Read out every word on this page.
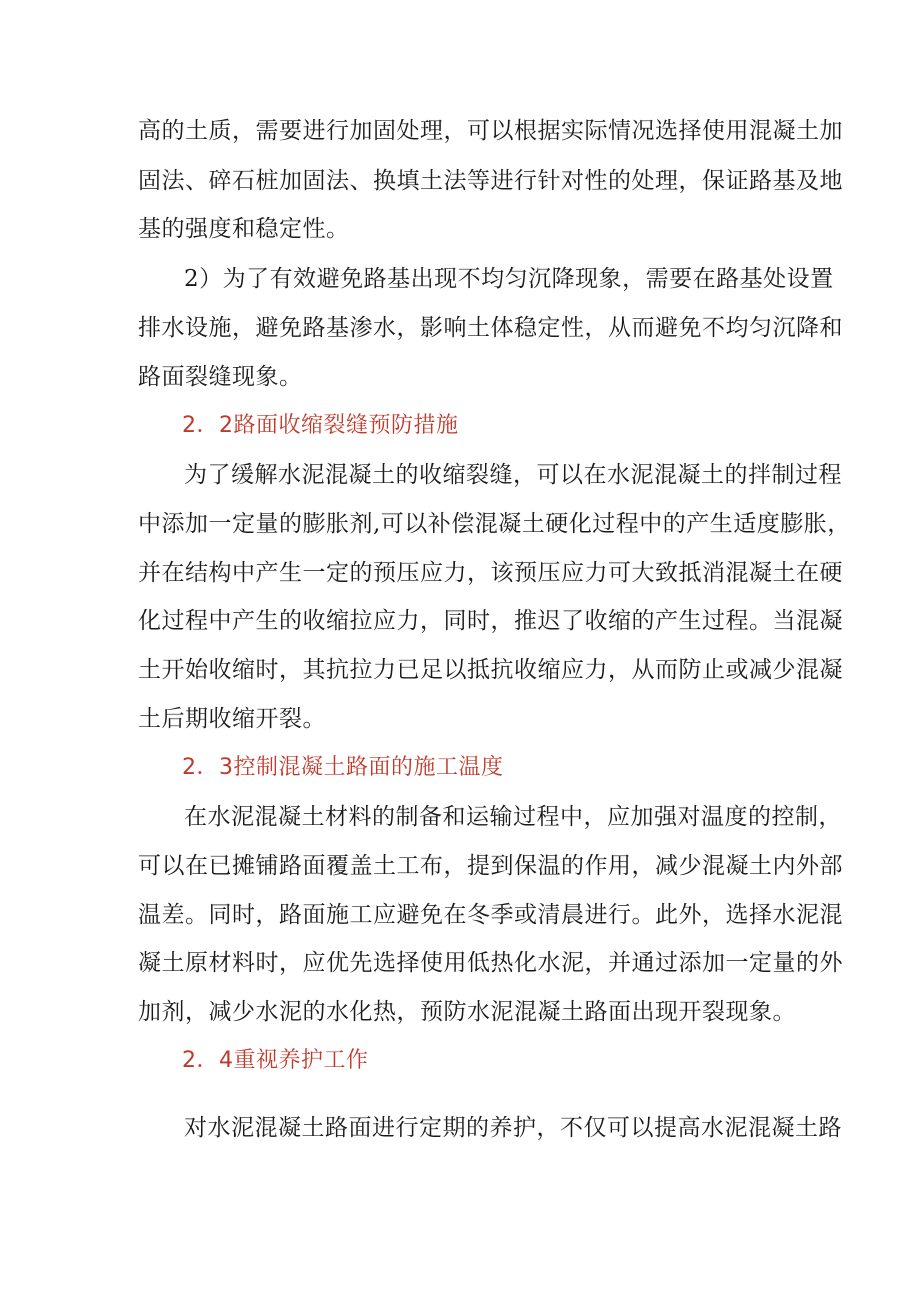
高的土质，需要进行加固处理，可以根据实际情况选择使用混凝土加
固法、碎石桩加固法、换填土法等进行针对性的处理，保证路基及地
基的强度和稳定性。
2）为了有效避免路基出现不均匀沉降现象，需要在路基处设置
排水设施，避免路基渗水，影响土体稳定性，从而避免不均匀沉降和
路面裂缝现象。
2．2路面收缩裂缝预防措施
为了缓解水泥混凝土的收缩裂缝，可以在水泥混凝土的拌制过程
中添加一定量的膨胀剂,可以补偿混凝土硬化过程中的产生适度膨胀，
并在结构中产生一定的预压应力，该预压应力可大致抵消混凝土在硬
化过程中产生的收缩拉应力，同时，推迟了收缩的产生过程。当混凝
土开始收缩时，其抗拉力已足以抵抗收缩应力，从而防止或减少混凝
土后期收缩开裂。
2．3控制混凝土路面的施工温度
在水泥混凝土材料的制备和运输过程中，应加强对温度的控制，
可以在已摊铺路面覆盖土工布，提到保温的作用，减少混凝土内外部
温差。同时，路面施工应避免在冬季或清晨进行。此外，选择水泥混
凝土原材料时，应优先选择使用低热化水泥，并通过添加一定量的外
加剂，减少水泥的水化热，预防水泥混凝土路面出现开裂现象。
2．4重视养护工作
对水泥混凝土路面进行定期的养护，不仅可以提高水泥混凝土路
